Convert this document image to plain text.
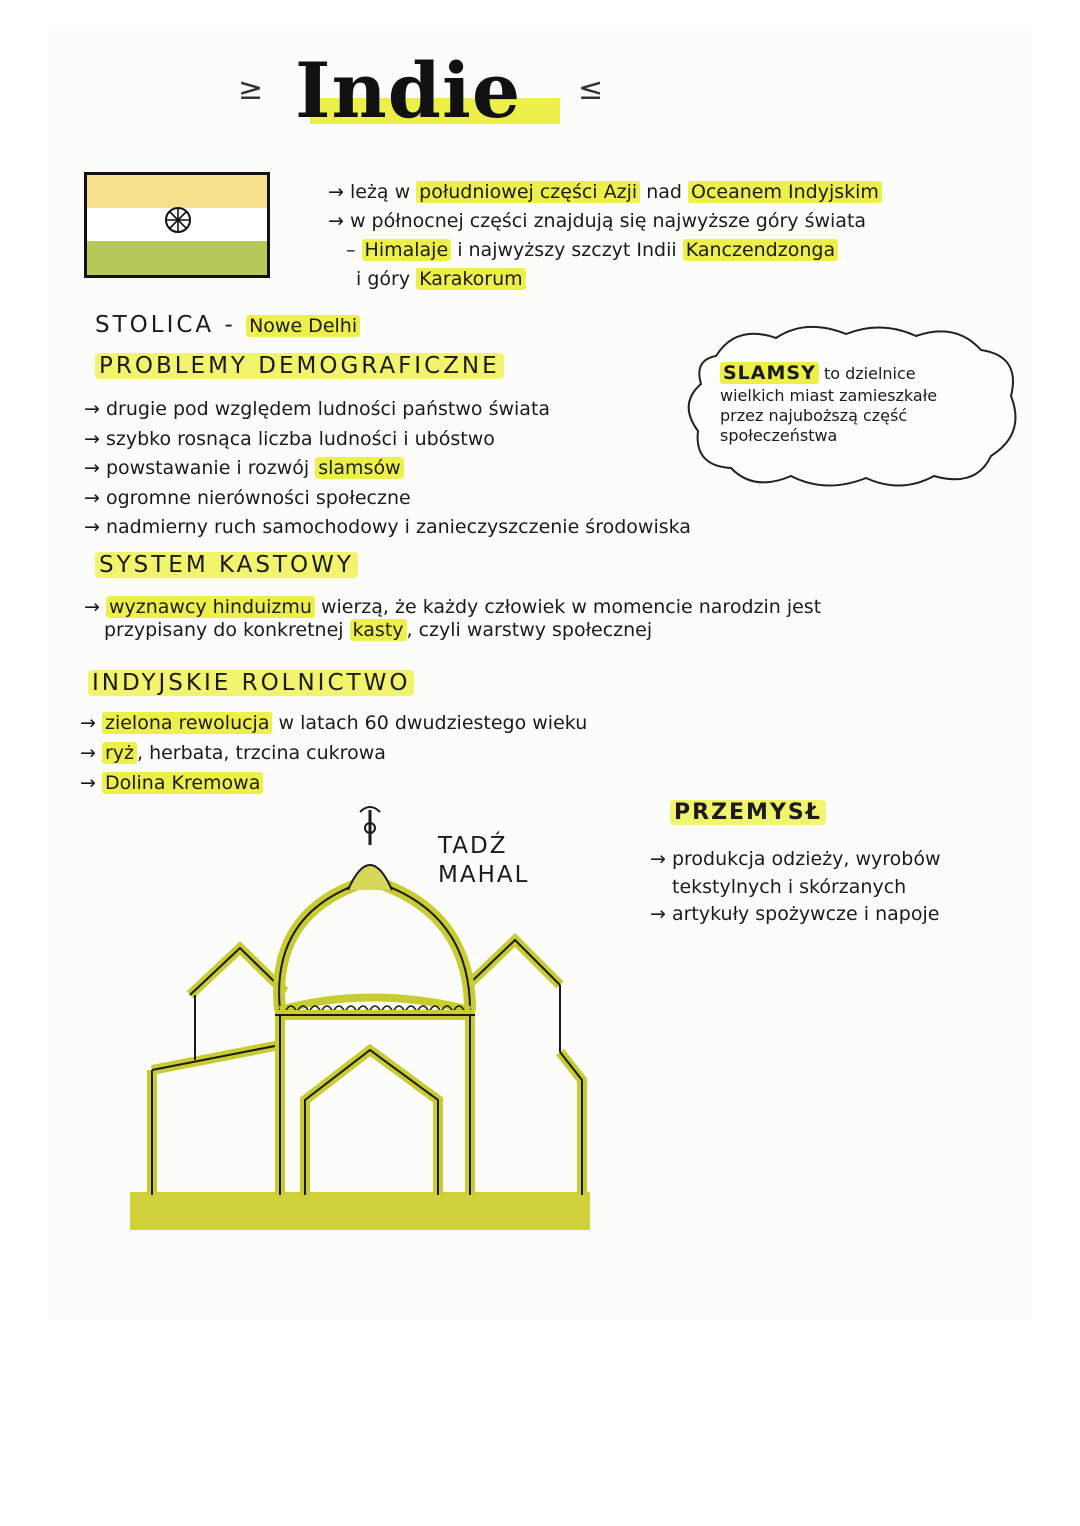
≥ Indie ≤
→ leżą w południowej części Azji nad Oceanem Indyjskim
→ w północnej części znajdują się najwyższe góry świata
– Himalaje i najwyższy szczyt Indii Kanczendzonga
i góry Karakorum
STOLICA - Nowe Delhi
PROBLEMY DEMOGRAFICZNE
→ drugie pod względem ludności państwo świata
→ szybko rosnąca liczba ludności i ubóstwo
→ powstawanie i rozwój slamsów
→ ogromne nierówności społeczne
→ nadmierny ruch samochodowy i zanieczyszczenie środowiska
SLAMSY to dzielnice
wielkich miast zamieszkałe
przez najuboższą część
społeczeństwa
SYSTEM KASTOWY
→ wyznawcy hinduizmu wierzą, że każdy człowiek w momencie narodzin jest
przypisany do konkretnej kasty , czyli warstwy społecznej
INDYJSKIE ROLNICTWO
→ zielona rewolucja w latach 60 dwudziestego wieku
→ ryż , herbata, trzcina cukrowa
→ Dolina Kremowa
TADŹ
MAHAL
PRZEMYSŁ
→ produkcja odzieży, wyrobów
tekstylnych i skórzanych
→ artykuły spożywcze i napoje
